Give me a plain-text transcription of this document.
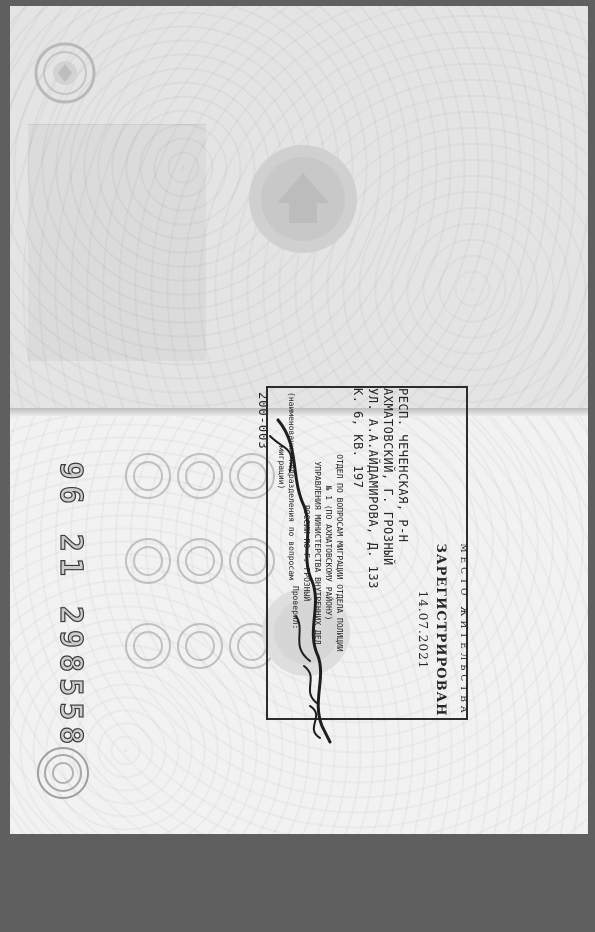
МЕСТО ЖИТЕЛЬСТВА
ЗАРЕГИСТРИРОВАН
14.07.2021
РЕСП. ЧЕЧЕНСКАЯ, Р-Н
АХМАТОВСКИЙ, Г. ГРОЗНЫЙ
УЛ. А.А.АЙДАМИРОВА, Д. 133
К. 6, КВ. 197
ОТДЕЛ ПО ВОПРОСАМ МИГРАЦИИ ОТДЕЛА ПОЛИЦИИ
№ 1 (ПО АХМАТОВСКОМУ РАЙОНУ)
УПРАВЛЕНИЯ МИНИСТЕРСТВА ВНУТРЕННИХ ДЕЛ
РОССИИ ПО Г. ГРОЗНЫЙ
(наименование подразделения по вопросам
миграции)
Проверил:
200-003
96 21 298558
